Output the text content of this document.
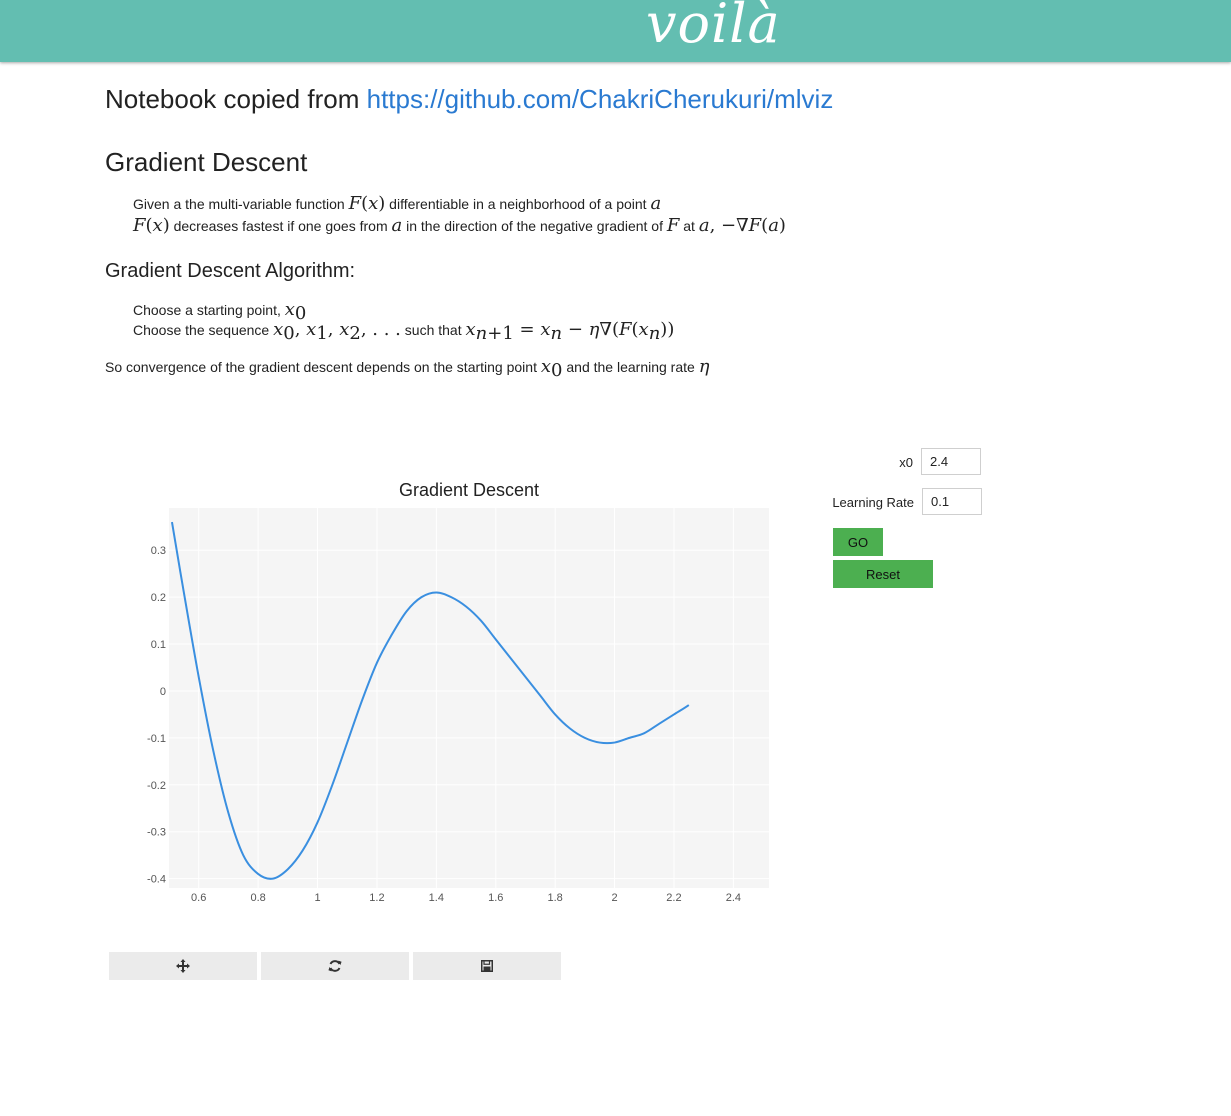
voilà
Notebook copied from https://github.com/ChakriCherukuri/mlviz
Gradient Descent
Given a the multi-variable function F(x) differentiable in a neighborhood of a point a
F(x) decreases fastest if one goes from a in the direction of the negative gradient of F at a, −∇F(a)
Gradient Descent Algorithm:
Choose a starting point, $x_0$
Choose the sequence $x_0$, $x_1$, $x_2$, . . . such that $x_{n+1} = x_n - \eta\nabla(F(x_n))$
So convergence of the gradient descent depends on the starting point $x_0$ and the learning rate η
Gradient Descent
0.6	0.8	1	1.2	1.4	1.6	1.8	2	2.2	2.4
0.3
0.2
0.1
0
-0.1
-0.2
-0.3
-0.4
x0
2.4
Learning Rate
0.1
GO
Reset
